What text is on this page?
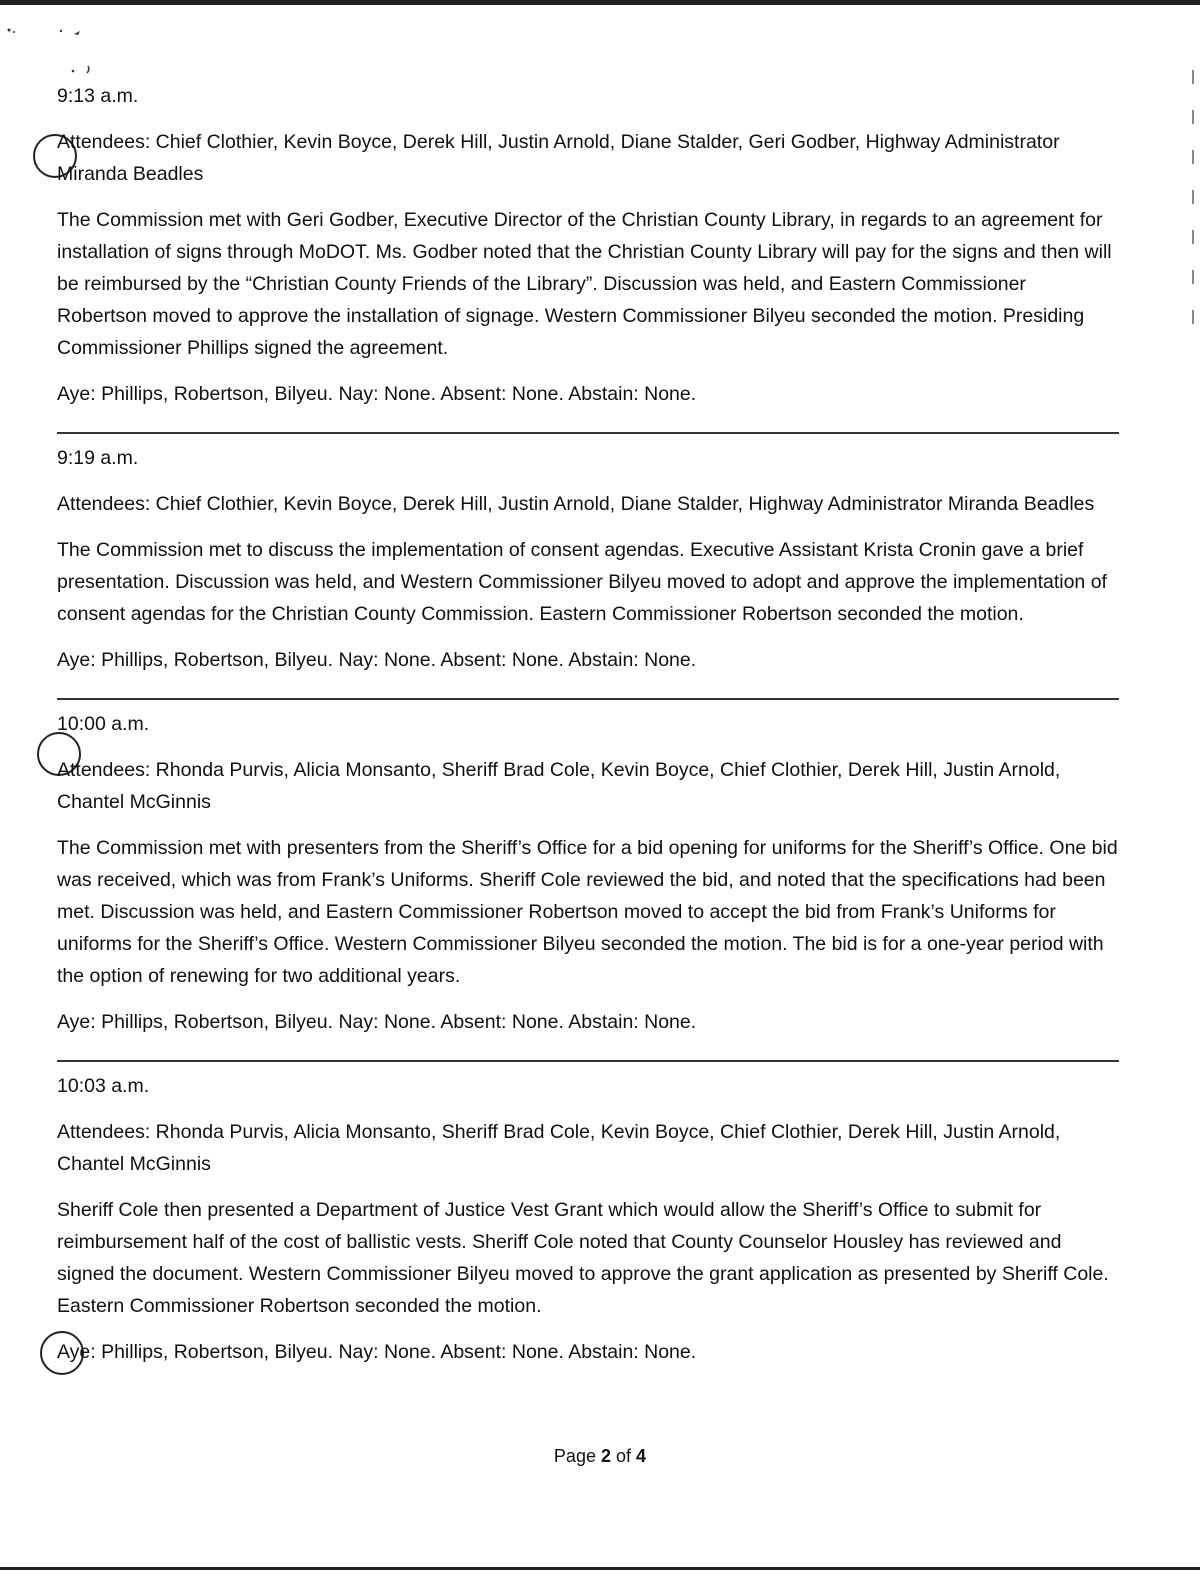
9:13 a.m.
Attendees: Chief Clothier, Kevin Boyce, Derek Hill, Justin Arnold, Diane Stalder, Geri Godber, Highway Administrator Miranda Beadles
The Commission met with Geri Godber, Executive Director of the Christian County Library, in regards to an agreement for installation of signs through MoDOT. Ms. Godber noted that the Christian County Library will pay for the signs and then will be reimbursed by the “Christian County Friends of the Library”. Discussion was held, and Eastern Commissioner Robertson moved to approve the installation of signage. Western Commissioner Bilyeu seconded the motion. Presiding Commissioner Phillips signed the agreement.
Aye: Phillips, Robertson, Bilyeu. Nay: None. Absent: None. Abstain: None.
9:19 a.m.
Attendees: Chief Clothier, Kevin Boyce, Derek Hill, Justin Arnold, Diane Stalder, Highway Administrator Miranda Beadles
The Commission met to discuss the implementation of consent agendas. Executive Assistant Krista Cronin gave a brief presentation. Discussion was held, and Western Commissioner Bilyeu moved to adopt and approve the implementation of consent agendas for the Christian County Commission. Eastern Commissioner Robertson seconded the motion.
Aye: Phillips, Robertson, Bilyeu. Nay: None. Absent: None. Abstain: None.
10:00 a.m.
Attendees: Rhonda Purvis, Alicia Monsanto, Sheriff Brad Cole, Kevin Boyce, Chief Clothier, Derek Hill, Justin Arnold, Chantel McGinnis
The Commission met with presenters from the Sheriff’s Office for a bid opening for uniforms for the Sheriff’s Office. One bid was received, which was from Frank’s Uniforms. Sheriff Cole reviewed the bid, and noted that the specifications had been met. Discussion was held, and Eastern Commissioner Robertson moved to accept the bid from Frank’s Uniforms for uniforms for the Sheriff’s Office. Western Commissioner Bilyeu seconded the motion. The bid is for a one-year period with the option of renewing for two additional years.
Aye: Phillips, Robertson, Bilyeu. Nay: None. Absent: None. Abstain: None.
10:03 a.m.
Attendees: Rhonda Purvis, Alicia Monsanto, Sheriff Brad Cole, Kevin Boyce, Chief Clothier, Derek Hill, Justin Arnold, Chantel McGinnis
Sheriff Cole then presented a Department of Justice Vest Grant which would allow the Sheriff’s Office to submit for reimbursement half of the cost of ballistic vests. Sheriff Cole noted that County Counselor Housley has reviewed and signed the document. Western Commissioner Bilyeu moved to approve the grant application as presented by Sheriff Cole. Eastern Commissioner Robertson seconded the motion.
Aye: Phillips, Robertson, Bilyeu. Nay: None. Absent: None. Abstain: None.
Page 2 of 4
